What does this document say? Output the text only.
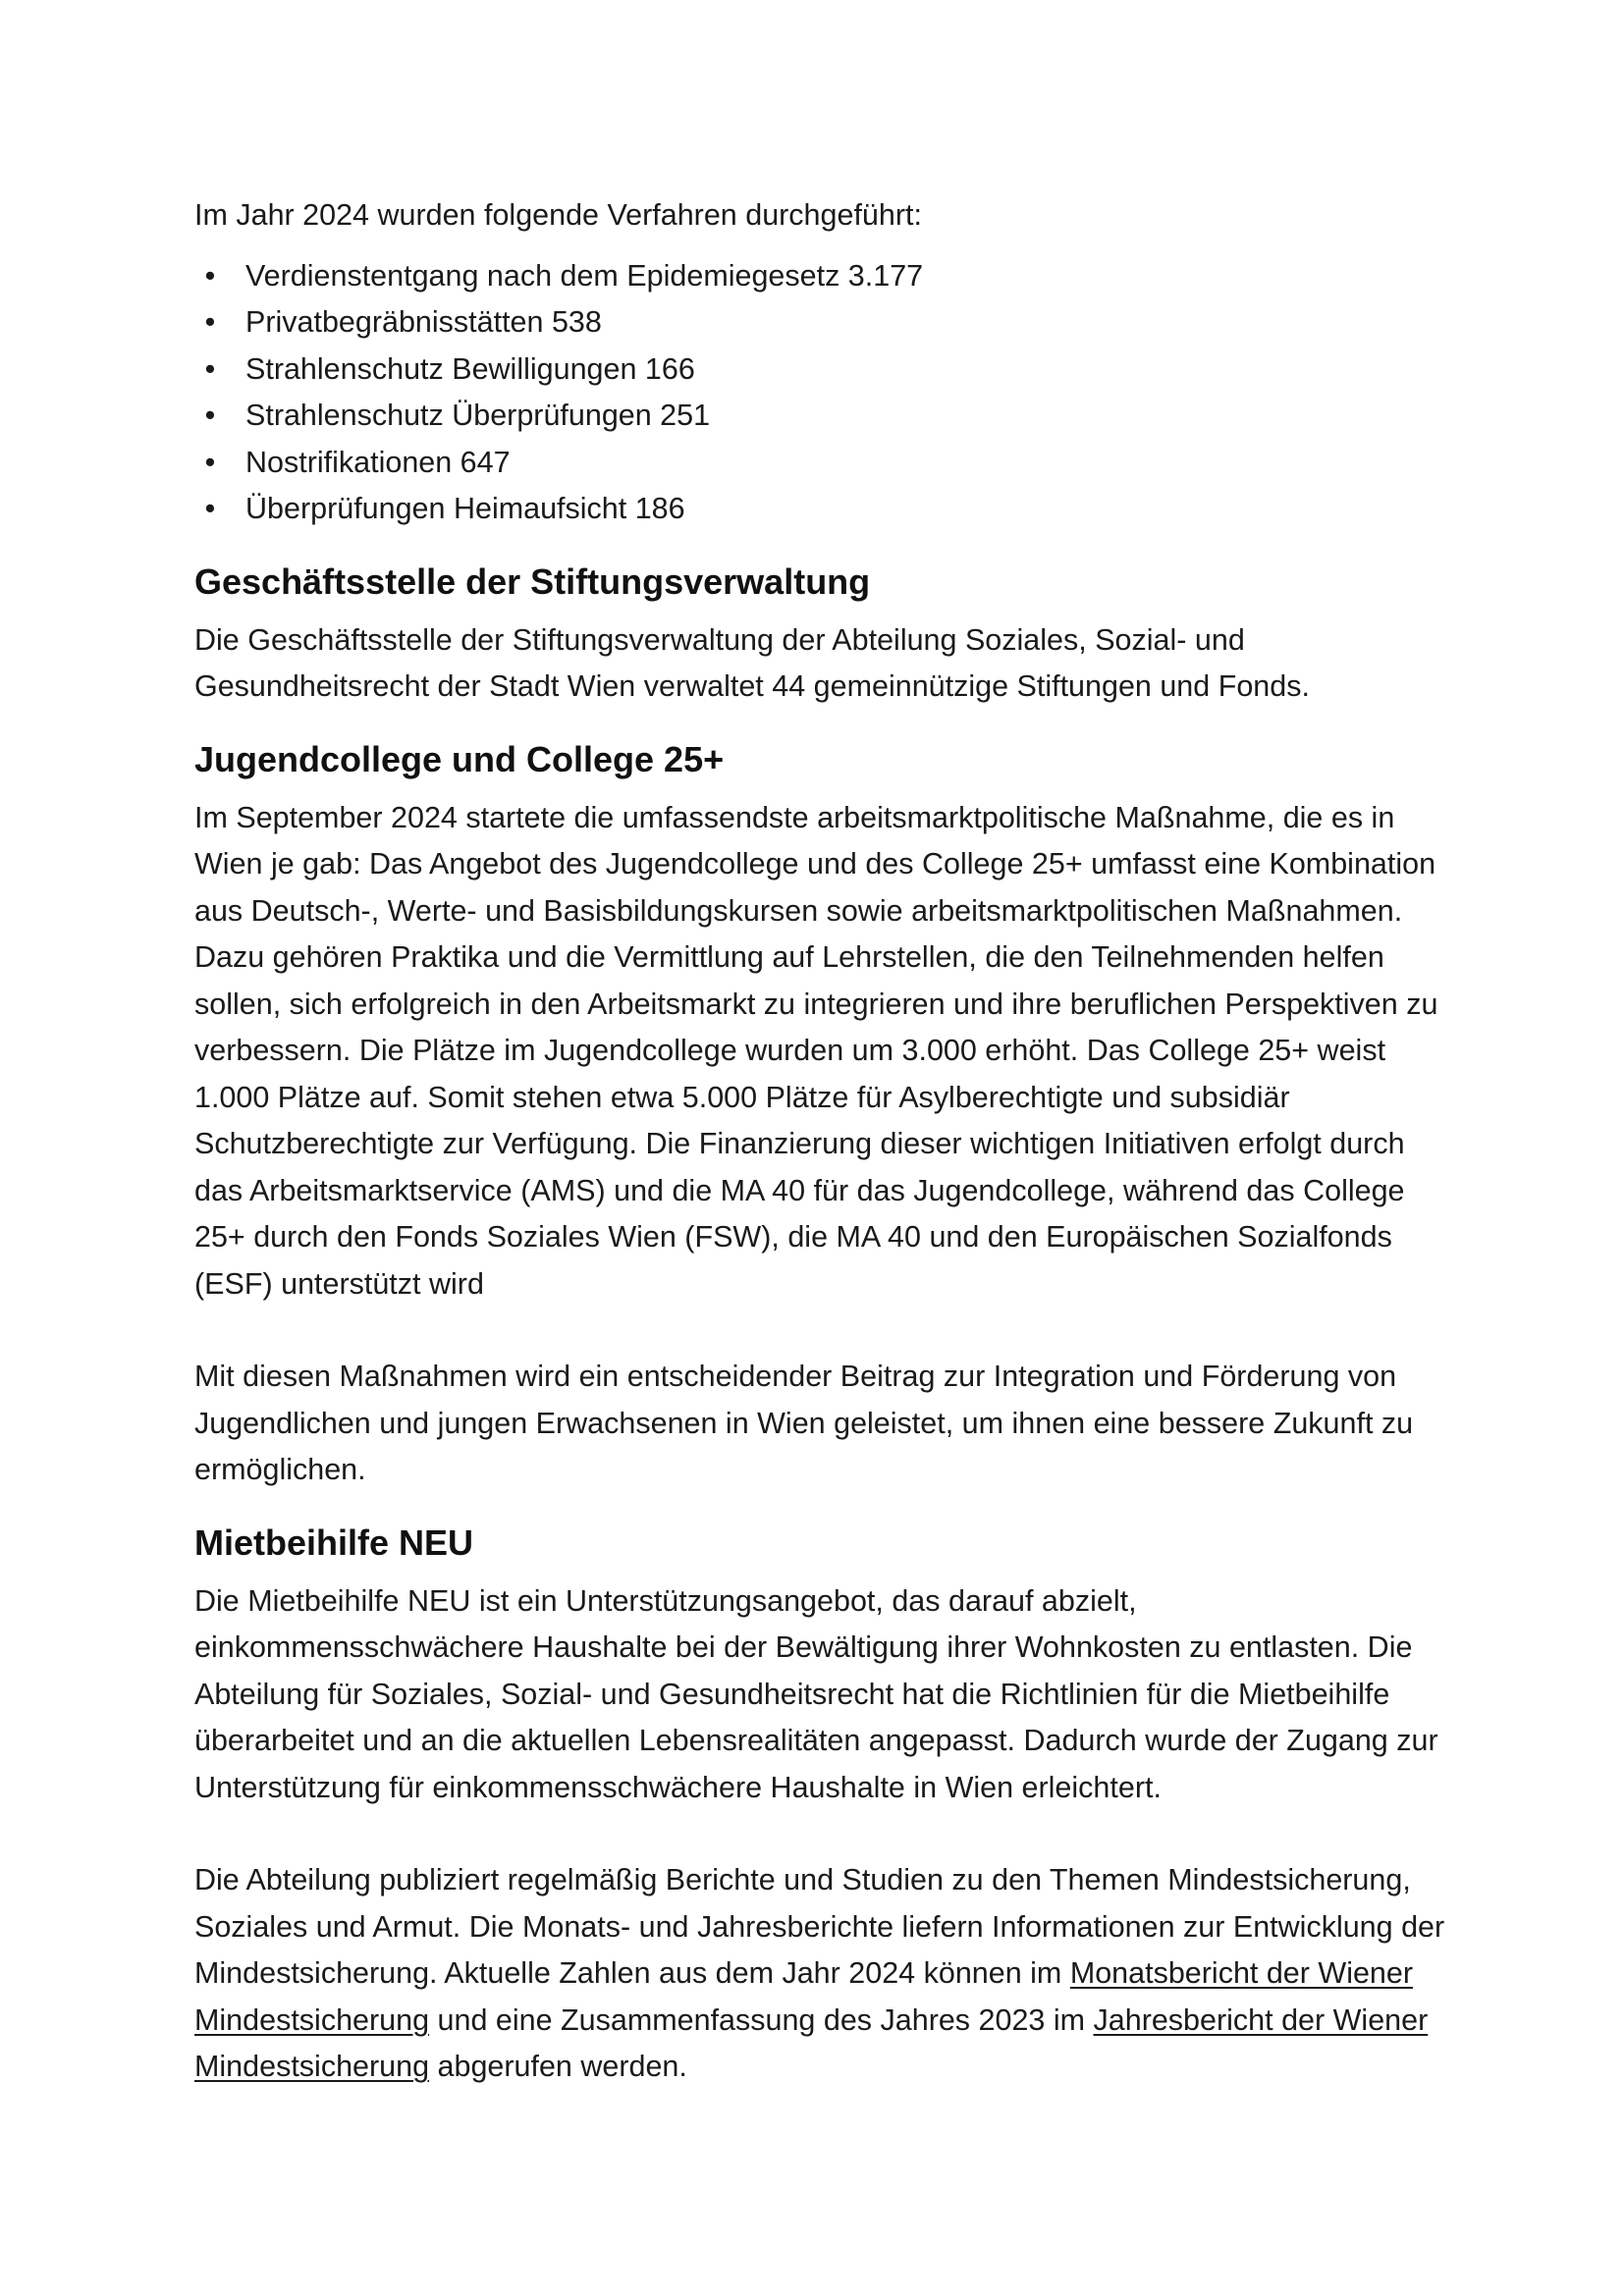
Im Jahr 2024 wurden folgende Verfahren durchgeführt:

• Verdienstentgang nach dem Epidemiegesetz 3.177
• Privatbegräbnisstätten 538
• Strahlenschutz Bewilligungen 166
• Strahlenschutz Überprüfungen 251
• Nostrifikationen 647
• Überprüfungen Heimaufsicht 186
Geschäftsstelle der Stiftungsverwaltung

Die Geschäftsstelle der Stiftungsverwaltung der Abteilung Soziales, Sozial- und Gesundheitsrecht der Stadt Wien verwaltet 44 gemeinnützige Stiftungen und Fonds.

Jugendcollege und College 25+

Im September 2024 startete die umfassendste arbeitsmarktpolitische Maßnahme, die es in Wien je gab: Das Angebot des Jugendcollege und des College 25+ umfasst eine Kombination aus Deutsch-, Werte- und Basisbildungskursen sowie arbeitsmarktpolitischen Maßnahmen. Dazu gehören Praktika und die Vermittlung auf Lehrstellen, die den Teilnehmenden helfen sollen, sich erfolgreich in den Arbeitsmarkt zu integrieren und ihre beruflichen Perspektiven zu verbessern. Die Plätze im Jugendcollege wurden um 3.000 erhöht. Das College 25+ weist 1.000 Plätze auf. Somit stehen etwa 5.000 Plätze für Asylberechtigte und subsidiär Schutzberechtigte zur Verfügung. Die Finanzierung dieser wichtigen Initiativen erfolgt durch das Arbeitsmarktservice (AMS) und die MA 40 für das Jugendcollege, während das College 25+ durch den Fonds Soziales Wien (FSW), die MA 40 und den Europäischen Sozialfonds (ESF) unterstützt wird

Mit diesen Maßnahmen wird ein entscheidender Beitrag zur Integration und Förderung von Jugendlichen und jungen Erwachsenen in Wien geleistet, um ihnen eine bessere Zukunft zu ermöglichen.

Mietbeihilfe NEU

Die Mietbeihilfe NEU ist ein Unterstützungsangebot, das darauf abzielt, einkommensschwächere Haushalte bei der Bewältigung ihrer Wohnkosten zu entlasten. Die Abteilung für Soziales, Sozial- und Gesundheitsrecht hat die Richtlinien für die Mietbeihilfe überarbeitet und an die aktuellen Lebensrealitäten angepasst. Dadurch wurde der Zugang zur Unterstützung für einkommensschwächere Haushalte in Wien erleichtert.

Die Abteilung publiziert regelmäßig Berichte und Studien zu den Themen Mindestsicherung, Soziales und Armut. Die Monats- und Jahresberichte liefern Informationen zur Entwicklung der Mindestsicherung. Aktuelle Zahlen aus dem Jahr 2024 können im Monatsbericht der Wiener Mindestsicherung und eine Zusammenfassung des Jahres 2023 im Jahresbericht der Wiener Mindestsicherung abgerufen werden.
